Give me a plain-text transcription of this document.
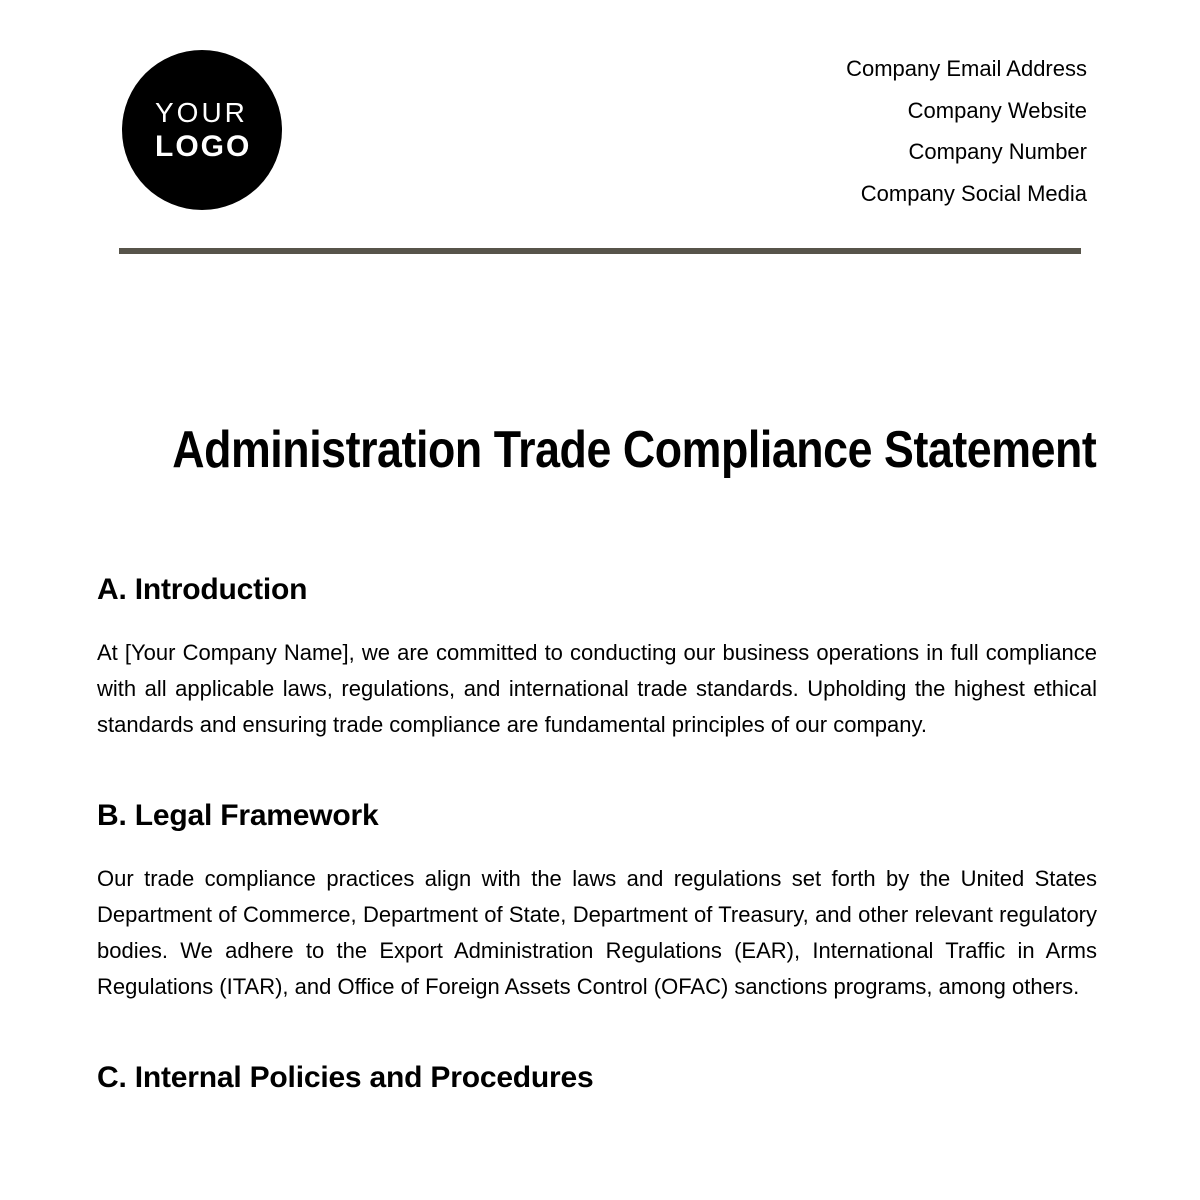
YOUR
LOGO
Company Email Address
Company Website
Company Number
Company Social Media
Administration Trade Compliance Statement
A. Introduction

At [Your Company Name], we are committed to conducting our business operations in full compliance with all applicable laws, regulations, and international trade standards. Upholding the highest ethical standards and ensuring trade compliance are fundamental principles of our company.

B. Legal Framework

Our trade compliance practices align with the laws and regulations set forth by the United States Department of Commerce, Department of State, Department of Treasury, and other relevant regulatory bodies. We adhere to the Export Administration Regulations (EAR), International Traffic in Arms Regulations (ITAR), and Office of Foreign Assets Control (OFAC) sanctions programs, among others.

C. Internal Policies and Procedures
